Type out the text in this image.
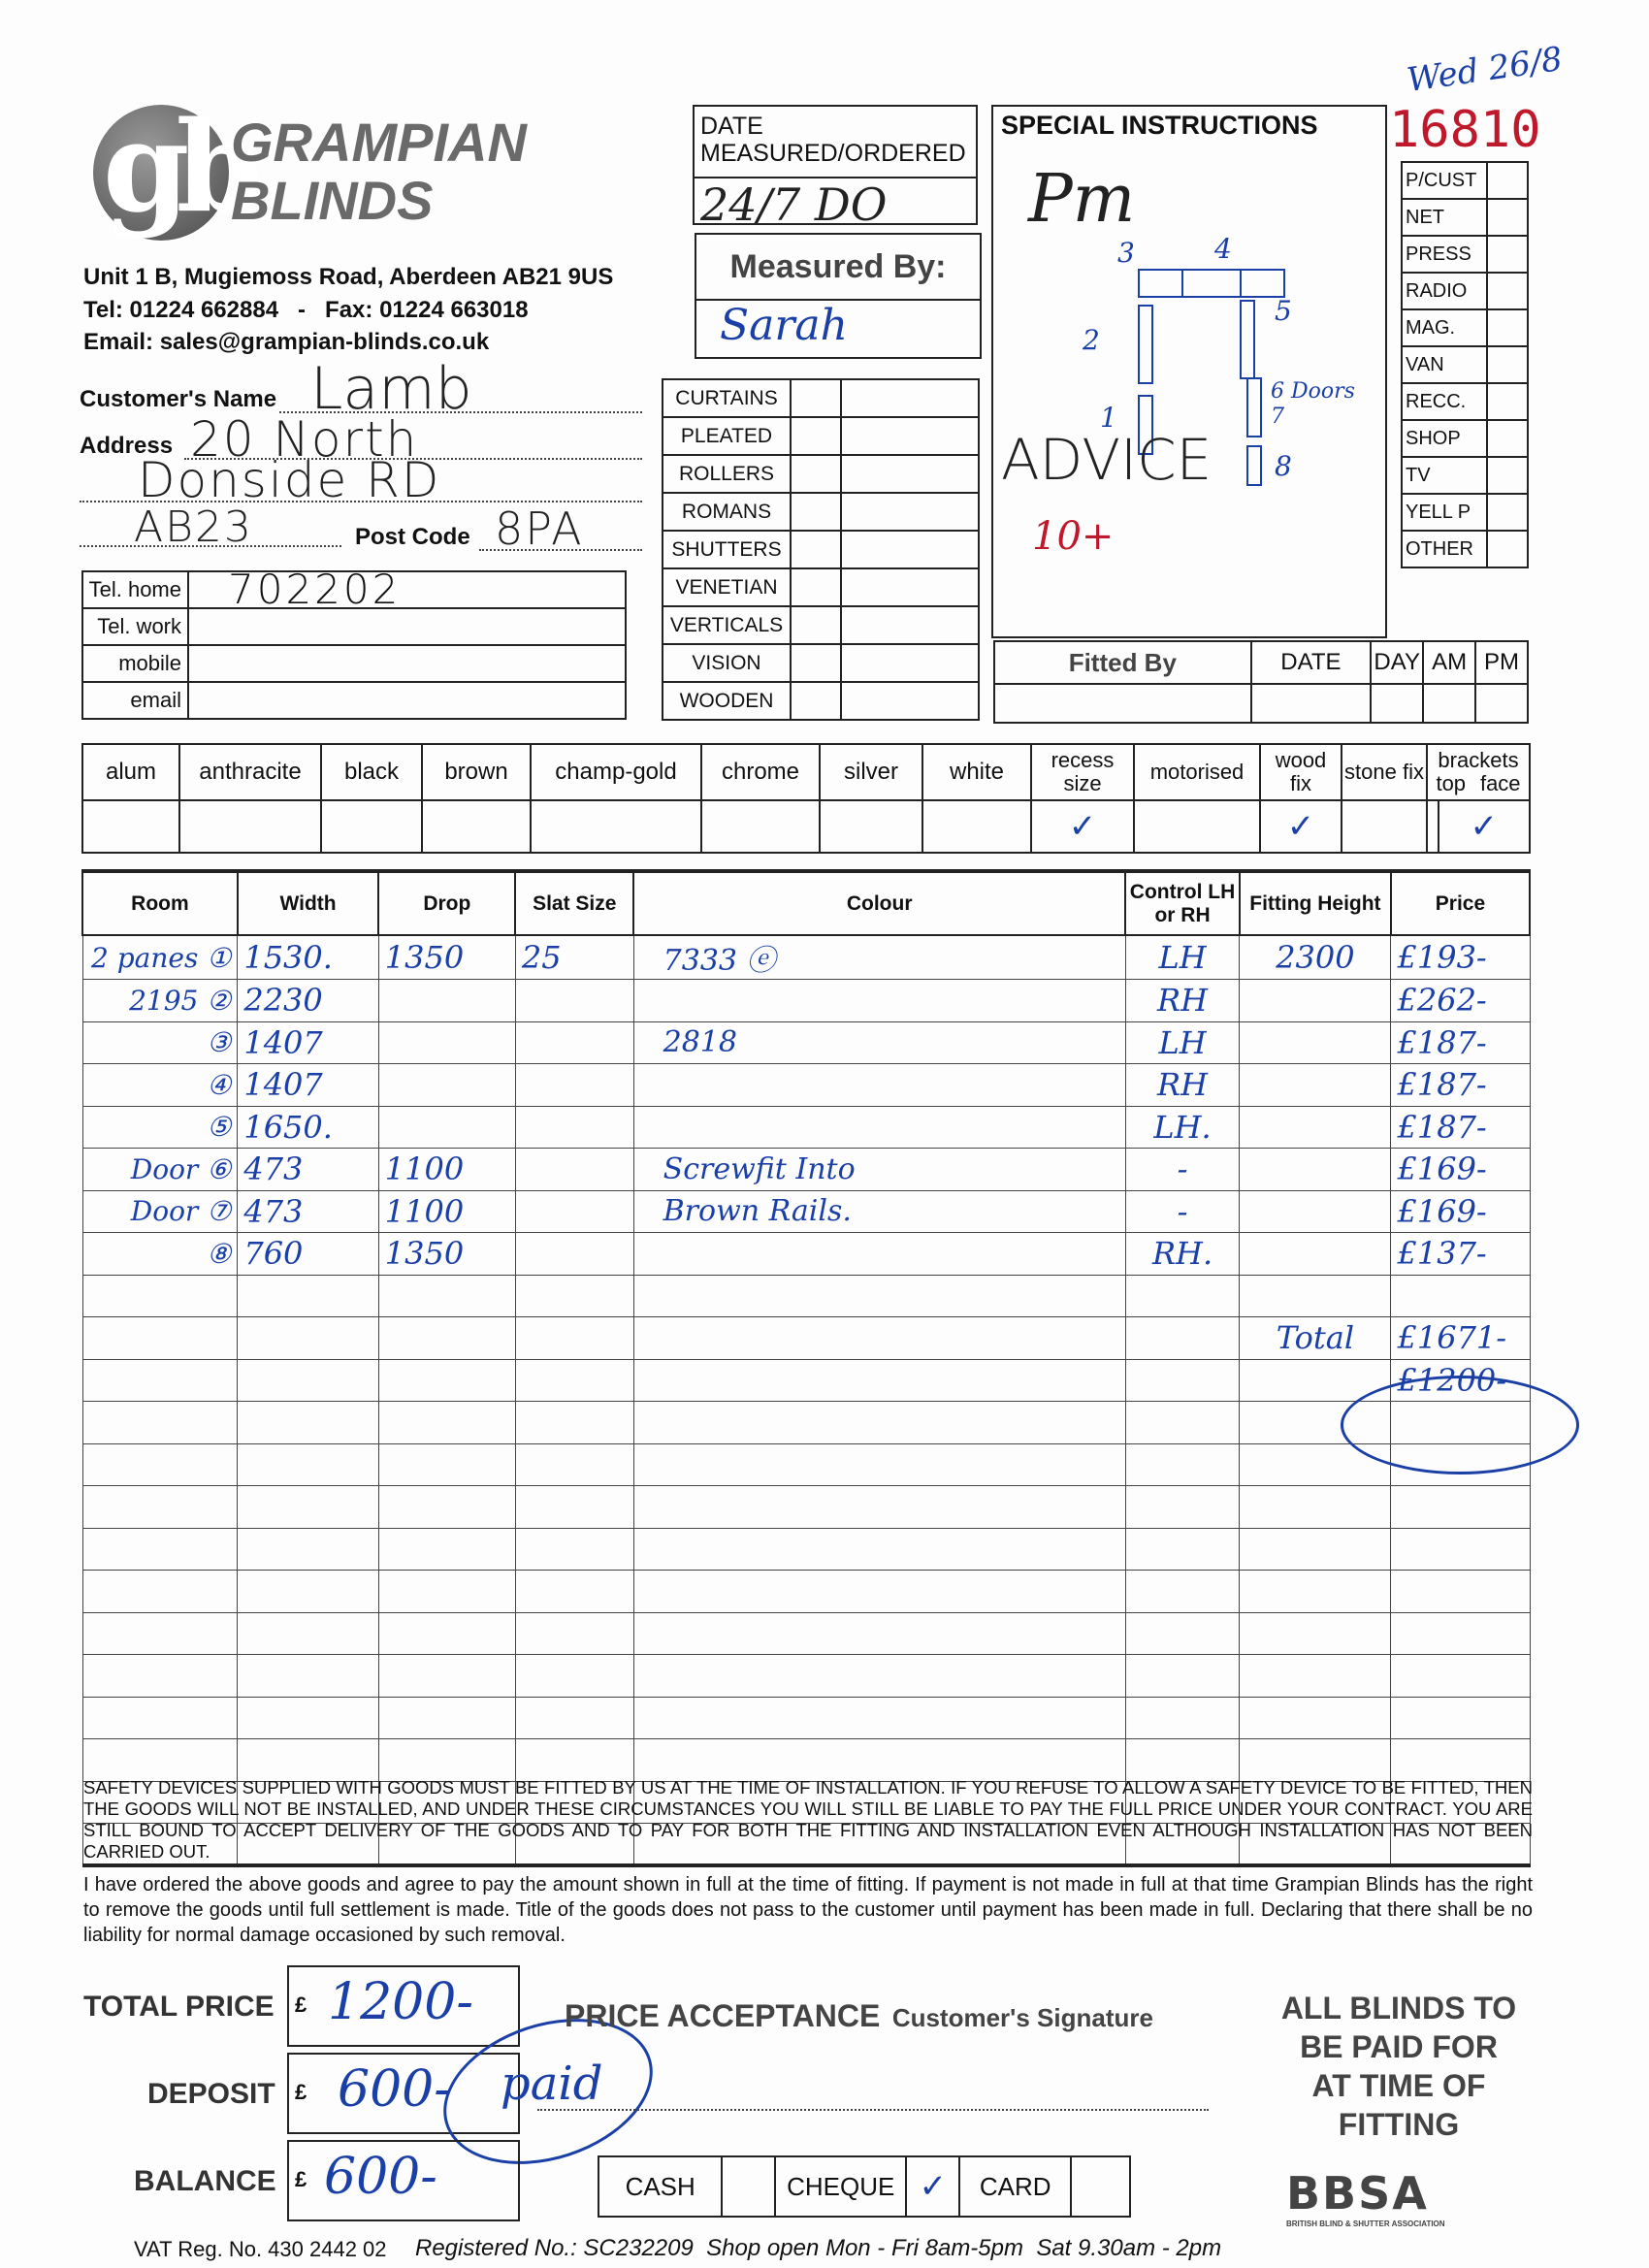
Wed 26/8
16810
gb
GRAMPIAN
BLINDS
Unit 1 B, Mugiemoss Road, Aberdeen AB21 9US
Tel: 01224 662884   -   Fax: 01224 663018
Email: sales@grampian-blinds.co.uk
DATE MEASURED/ORDERED
24/7 DO
Measured By:
Sarah
SPECIAL INSTRUCTIONS
Pm
3	4
2
5
1
6 Doors
7
8
ADVICE
10+
P/CUST	
NET	
PRESS	
RADIO	
MAG.	
VAN	
RECC.	
SHOP	
TV	
YELL P	
OTHER	
Customer's Name Lamb
Address 20 North
Donside RD
AB23	Post Code 8PA
Tel. home	702202
Tel. work	
mobile	
email	
CURTAINS		
PLEATED		
ROLLERS		
ROMANS		
SHUTTERS		
VENETIAN		
VERTICALS		
VISION		
WOODEN		
Fitted By	DATE	DAY	AM	PM

alum	anthracite	black	brown	champ-gold	chrome	silver	white	recess size	motorised	wood fix	stone fix	brackets
top face	

								✓		✓			✓
Room	Width	Drop	Slat Size	Colour	Control LH or RH	Fitting Height	Price
2 panes ①	1530.	1350	25	7333 ⓔ	LH	2300	£193-
2195 ②	2230				RH		£262-
③	1407			2818	LH		£187-
④	1407				RH		£187-
⑤	1650.				LH.		£187-
Door ⑥	473	1100		Screwfit Into	-		£169-
Door ⑦	473	1100		Brown Rails.	-		£169-
⑧	760	1350			RH.		£137-

						Total	£1671-
							£1200-

SAFETY DEVICES SUPPLIED WITH GOODS MUST BE FITTED BY US AT THE TIME OF INSTALLATION. IF YOU REFUSE TO ALLOW A SAFETY DEVICE TO BE FITTED, THEN THE GOODS WILL NOT BE INSTALLED, AND UNDER THESE CIRCUMSTANCES YOU WILL STILL BE LIABLE TO PAY THE FULL PRICE UNDER YOUR CONTRACT. YOU ARE STILL BOUND TO ACCEPT DELIVERY OF THE GOODS AND TO PAY FOR BOTH THE FITTING AND INSTALLATION EVEN ALTHOUGH INSTALLATION HAS NOT BEEN CARRIED OUT.
I have ordered the above goods and agree to pay the amount shown in full at the time of fitting. If payment is not made in full at that time Grampian Blinds has the right to remove the goods until full settlement is made. Title of the goods does not pass to the customer until payment has been made in full. Declaring that there shall be no liability for normal damage occasioned by such removal.
TOTAL PRICE £ 1200-
DEPOSIT £ 600- paid
BALANCE £ 600-
PRICE ACCEPTANCE Customer's Signature
CASH		CHEQUE	✓	CARD	
ALL BLINDS TO
BE PAID FOR
AT TIME OF
FITTING
BBSA
BRITISH BLIND & SHUTTER ASSOCIATION
VAT Reg. No. 430 2442 02 Registered No.: SC232209  Shop open Mon - Fri 8am-5pm  Sat 9.30am - 2pm
